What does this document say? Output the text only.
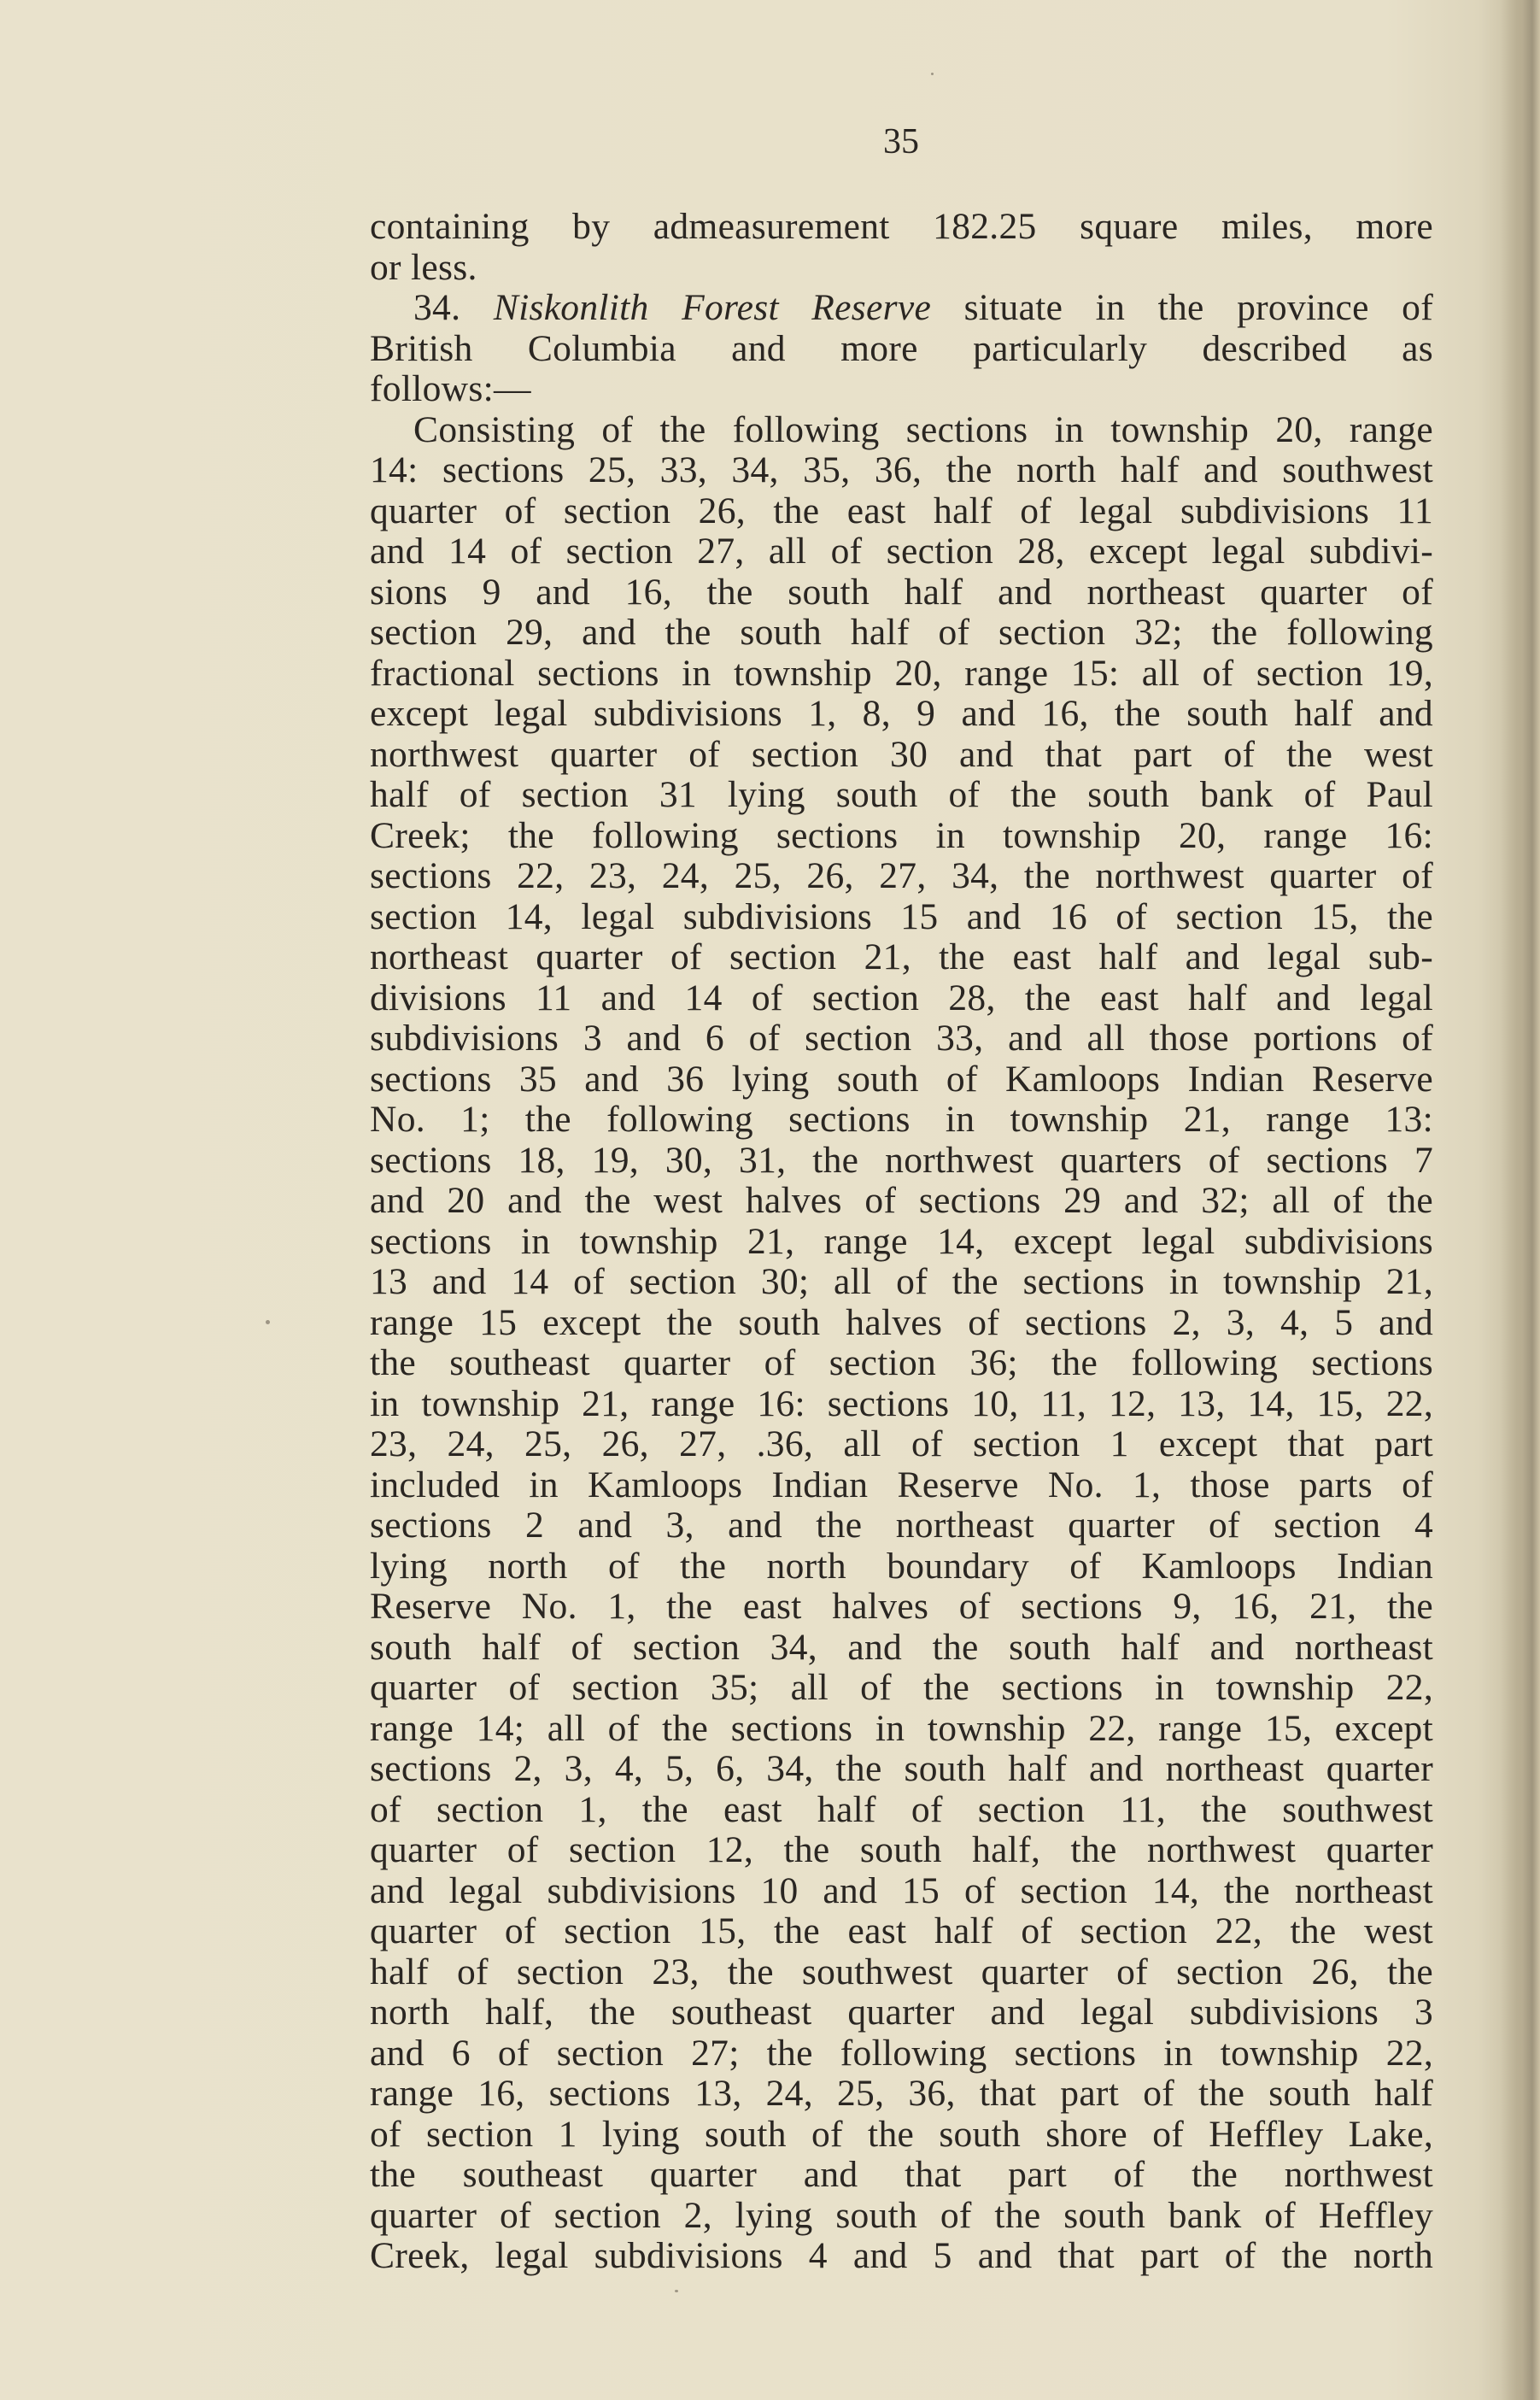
35
containing by admeasurement 182.25 square miles, more
or less.
34. Niskonlith Forest Reserve situate in the province of
British Columbia and more particularly described as
follows:—
Consisting of the following sections in township 20, range
14: sections 25, 33, 34, 35, 36, the north half and southwest
quarter of section 26, the east half of legal subdivisions 11
and 14 of section 27, all of section 28, except legal subdivi-
sions 9 and 16, the south half and northeast quarter of
section 29, and the south half of section 32; the following
fractional sections in township 20, range 15: all of section 19,
except legal subdivisions 1, 8, 9 and 16, the south half and
northwest quarter of section 30 and that part of the west
half of section 31 lying south of the south bank of Paul
Creek; the following sections in township 20, range 16:
sections 22, 23, 24, 25, 26, 27, 34, the northwest quarter of
section 14, legal subdivisions 15 and 16 of section 15, the
northeast quarter of section 21, the east half and legal sub-
divisions 11 and 14 of section 28, the east half and legal
subdivisions 3 and 6 of section 33, and all those portions of
sections 35 and 36 lying south of Kamloops Indian Reserve
No. 1; the following sections in township 21, range 13:
sections 18, 19, 30, 31, the northwest quarters of sections 7
and 20 and the west halves of sections 29 and 32; all of the
sections in township 21, range 14, except legal subdivisions
13 and 14 of section 30; all of the sections in township 21,
range 15 except the south halves of sections 2, 3, 4, 5 and
the southeast quarter of section 36; the following sections
in township 21, range 16: sections 10, 11, 12, 13, 14, 15, 22,
23, 24, 25, 26, 27, .36, all of section 1 except that part
included in Kamloops Indian Reserve No. 1, those parts of
sections 2 and 3, and the northeast quarter of section 4
lying north of the north boundary of Kamloops Indian
Reserve No. 1, the east halves of sections 9, 16, 21, the
south half of section 34, and the south half and northeast
quarter of section 35; all of the sections in township 22,
range 14; all of the sections in township 22, range 15, except
sections 2, 3, 4, 5, 6, 34, the south half and northeast quarter
of section 1, the east half of section 11, the southwest
quarter of section 12, the south half, the northwest quarter
and legal subdivisions 10 and 15 of section 14, the northeast
quarter of section 15, the east half of section 22, the west
half of section 23, the southwest quarter of section 26, the
north half, the southeast quarter and legal subdivisions 3
and 6 of section 27; the following sections in township 22,
range 16, sections 13, 24, 25, 36, that part of the south half
of section 1 lying south of the south shore of Heffley Lake,
the southeast quarter and that part of the northwest
quarter of section 2, lying south of the south bank of Heffley
Creek, legal subdivisions 4 and 5 and that part of the north
